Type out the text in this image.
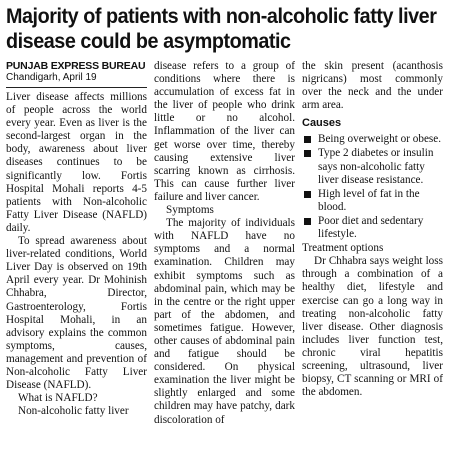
Majority of patients with non-alcoholic fatty liver disease could be asymptomatic
PUNJAB EXPRESS BUREAU
Chandigarh, April 19

Liver disease affects millions of people across the world every year. Even as liver is the second-largest organ in the body, awareness about liver diseases continues to be significantly low. Fortis Hospital Mohali reports 4-5 patients with Non-alcoholic Fatty Liver Disease (NAFLD) daily.

To spread awareness about liver-related conditions, World Liver Day is observed on 19th April every year. Dr Mohinish Chhabra, Director, Gastroenterology, Fortis Hospital Mohali, in an advisory explains the common symptoms, causes, management and prevention of Non-alcoholic Fatty Liver Disease (NAFLD).

What is NAFLD?

Non-alcoholic fatty liver

disease refers to a group of conditions where there is accumulation of excess fat in the liver of people who drink little or no alcohol. Inflammation of the liver can get worse over time, thereby causing extensive liver scarring known as cirrhosis. This can cause further liver failure and liver cancer.

Symptoms

The majority of individuals with NAFLD have no symptoms and a normal examination. Children may exhibit symptoms such as abdominal pain, which may be in the centre or the right upper part of the abdomen, and sometimes fatigue. However, other causes of abdominal pain and fatigue should be considered. On physical examination the liver might be slightly enlarged and some children may have patchy, dark discoloration of

the skin present (acanthosis nigricans) most commonly over the neck and the under arm area.

Causes
Being overweight or obese.
Type 2 diabetes or insulin says non-alcoholic fatty liver disease resistance.
High level of fat in the blood.
Poor diet and sedentary lifestyle.

Treatment options

Dr Chhabra says weight loss through a combination of a healthy diet, lifestyle and exercise can go a long way in treating non-alcoholic fatty liver disease. Other diagnosis includes liver function test, chronic viral hepatitis screening, ultrasound, liver biopsy, CT scanning or MRI of the abdomen.
